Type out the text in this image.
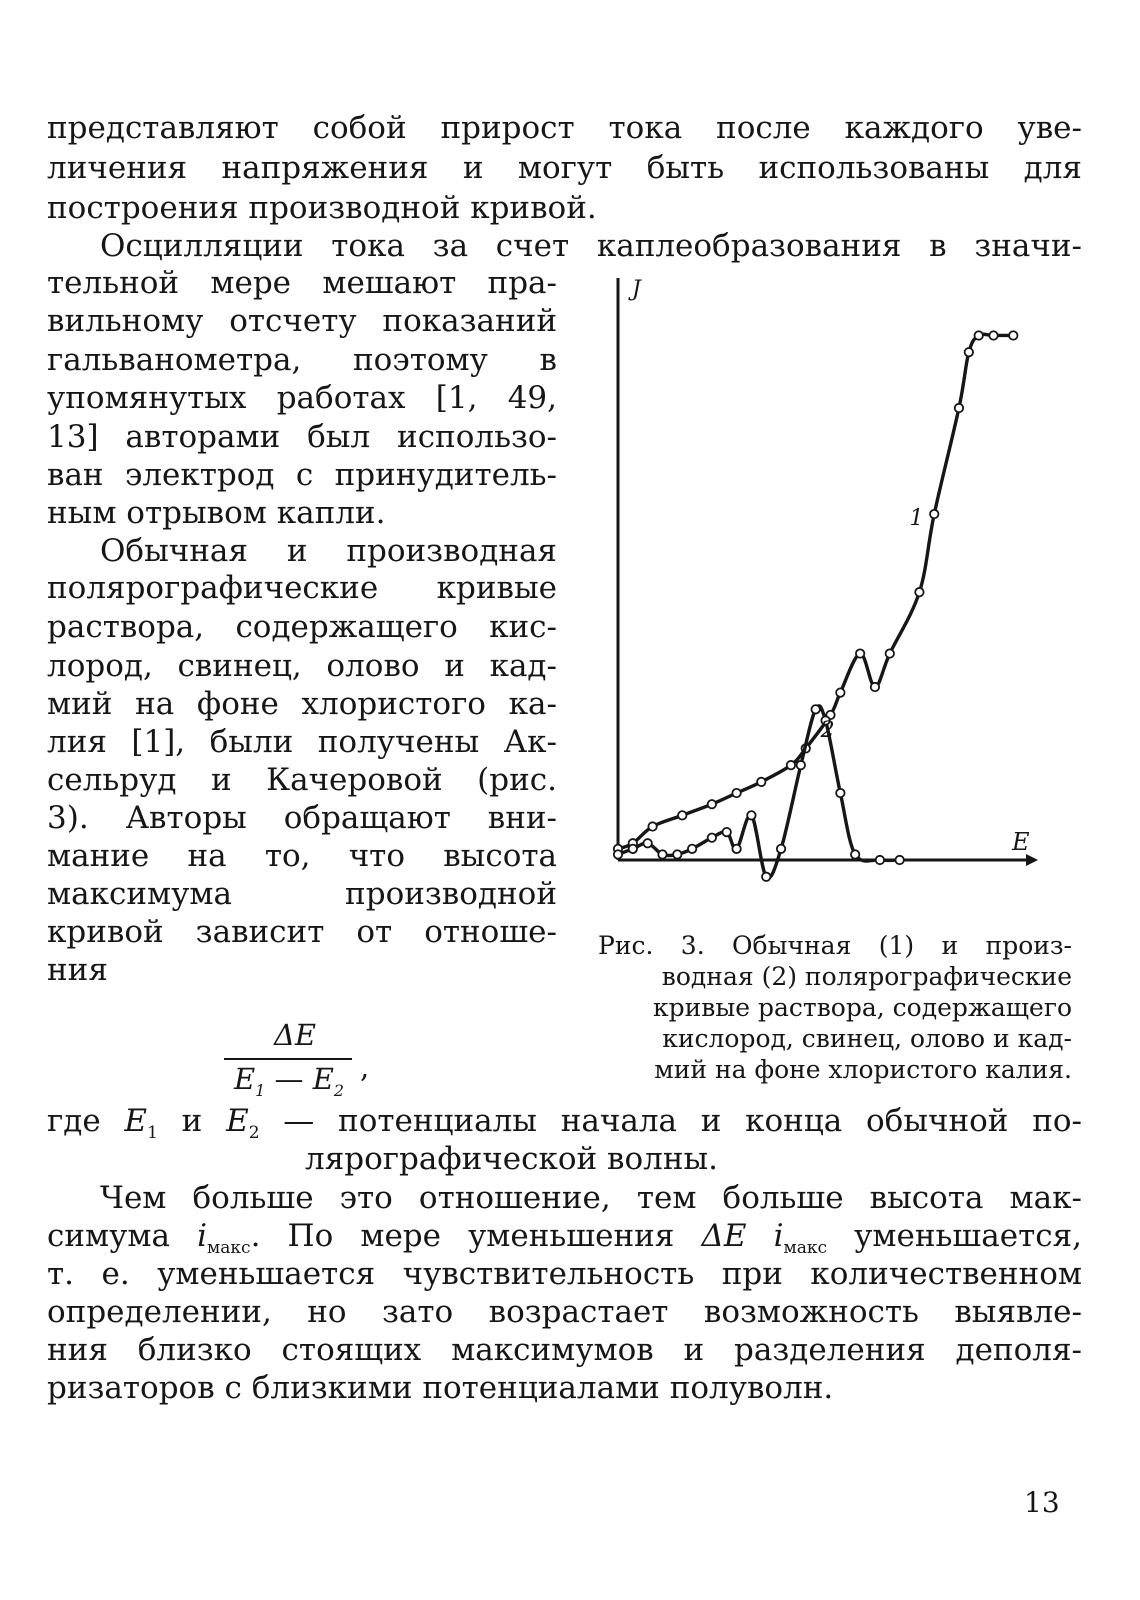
представляют собой прирост тока после каждого уве-

личения напряжения и могут быть использованы для

построения производной кривой.

Осцилляции тока за счет каплеобразования в значи-

тельной мере мешают пра-

вильному отсчету показаний

гальванометра, поэтому в

упомянутых работах [1, 49,

13] авторами был использо-

ван электрод с принудитель-

ным отрывом капли.

Обычная и производная

полярографические кривые

раствора, содержащего кис-

лород, свинец, олово и кад-

мий на фоне хлористого ка-

лия [1], были получены Ак-

сельруд и Качеровой (рис.

3). Авторы обращают вни-

мание на то, что высота

максимума производной

кривой зависит от отноше-

ния

ΔE
$E_1$ — $E_2$
,
J
E
2
1

Рис. 3. Обычная (1) и произ-

водная (2) полярографические

кривые раствора, содержащего

кислород, свинец, олово и кад-

мий на фоне хлористого калия.

где $E_1$ и $E_2$ — потенциалы начала и конца обычной по-

лярографической волны.

Чем больше это отношение, тем больше высота мак-

симума $i_{макс}$. По мере уменьшения ΔE $i_{макс}$ уменьшается,

т. е. уменьшается чувствительность при количественном

определении, но зато возрастает возможность выявле-

ния близко стоящих максимумов и разделения деполя-

ризаторов с близкими потенциалами полуволн.

13
